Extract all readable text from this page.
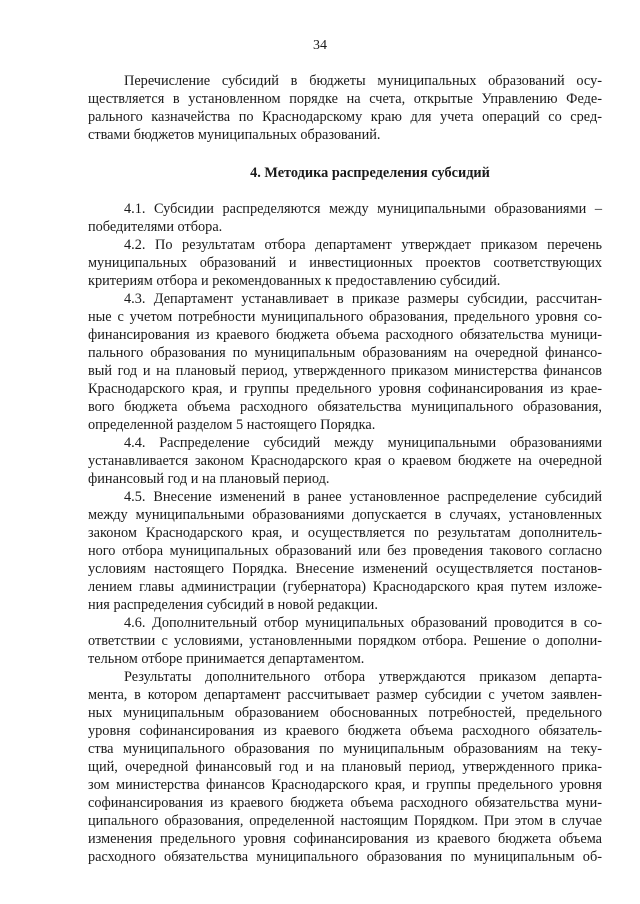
34
Перечисление субсидий в бюджеты муниципальных образований осу-
ществляется в установленном порядке на счета, открытые Управлению Феде-
рального казначейства по Краснодарскому краю для учета операций со сред-
ствами бюджетов муниципальных образований.
4. Методика распределения субсидий
4.1. Субсидии распределяются между муниципальными образованиями –
победителями отбора.
4.2. По результатам отбора департамент утверждает приказом перечень
муниципальных образований и инвестиционных проектов соответствующих
критериям отбора и рекомендованных к предоставлению субсидий.
4.3. Департамент устанавливает в приказе размеры субсидии, рассчитан-
ные с учетом потребности муниципального образования, предельного уровня со-
финансирования из краевого бюджета объема расходного обязательства муници-
пального образования по муниципальным образованиям на очередной финансо-
вый год и на плановый период, утвержденного приказом министерства финансов
Краснодарского края, и группы предельного уровня софинансирования из крае-
вого бюджета объема расходного обязательства муниципального образования,
определенной разделом 5 настоящего Порядка.
4.4. Распределение субсидий между муниципальными образованиями
устанавливается законом Краснодарского края о краевом бюджете на очередной
финансовый год и на плановый период.
4.5. Внесение изменений в ранее установленное распределение субсидий
между муниципальными образованиями допускается в случаях, установленных
законом Краснодарского края, и осуществляется по результатам дополнитель-
ного отбора муниципальных образований или без проведения такового согласно
условиям настоящего Порядка. Внесение изменений осуществляется постанов-
лением главы администрации (губернатора) Краснодарского края путем изложе-
ния распределения субсидий в новой редакции.
4.6. Дополнительный отбор муниципальных образований проводится в со-
ответствии с условиями, установленными порядком отбора. Решение о дополни-
тельном отборе принимается департаментом.
Результаты дополнительного отбора утверждаются приказом департа-
мента, в котором департамент рассчитывает размер субсидии с учетом заявлен-
ных муниципальным образованием обоснованных потребностей, предельного
уровня софинансирования из краевого бюджета объема расходного обязатель-
ства муниципального образования по муниципальным образованиям на теку-
щий, очередной финансовый год и на плановый период, утвержденного прика-
зом министерства финансов Краснодарского края, и группы предельного уровня
софинансирования из краевого бюджета объема расходного обязательства муни-
ципального образования, определенной настоящим Порядком. При этом в случае
изменения предельного уровня софинансирования из краевого бюджета объема
расходного обязательства муниципального образования по муниципальным об-
